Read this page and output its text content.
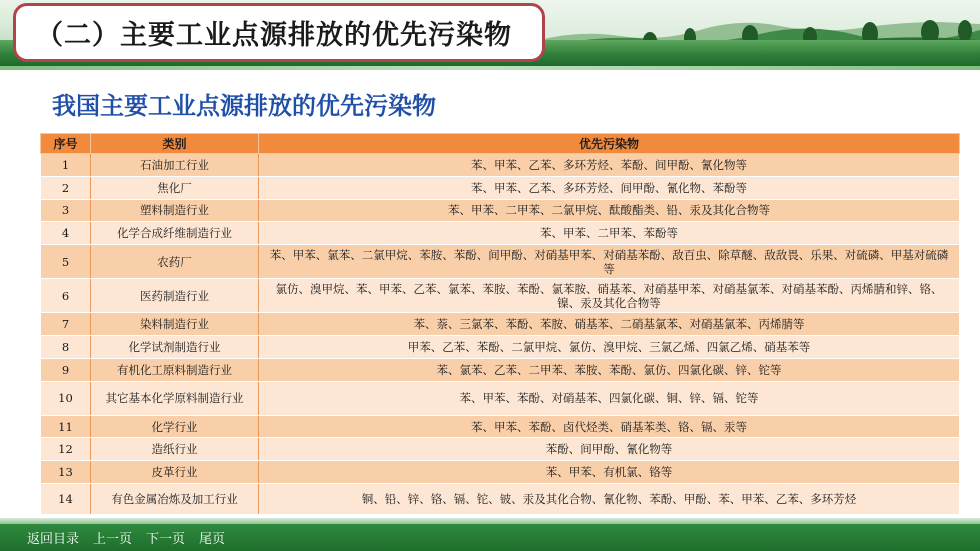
（二）主要工业点源排放的优先污染物
我国主要工业点源排放的优先污染物
序号	类别	优先污染物
1	石油加工行业	苯、甲苯、乙苯、多环芳烃、苯酚、间甲酚、氰化物等
2	焦化厂	苯、甲苯、乙苯、多环芳烃、间甲酚、氰化物、苯酚等
3	塑料制造行业	苯、甲苯、二甲苯、二氯甲烷、酞酸酯类、铅、汞及其化合物等
4	化学合成纤维制造行业	苯、甲苯、二甲苯、苯酚等
5	农药厂	苯、甲苯、氯苯、二氯甲烷、苯胺、苯酚、间甲酚、对硝基甲苯、对硝基苯酚、敌百虫、除草醚、敌敌畏、乐果、对硫磷、甲基对硫磷等
6	医药制造行业	氯仿、溴甲烷、苯、甲苯、乙苯、氯苯、苯胺、苯酚、氯苯胺、硝基苯、对硝基甲苯、对硝基氯苯、对硝基苯酚、丙烯腈和锌、铬、镍、汞及其化合物等
7	染料制造行业	苯、萘、三氯苯、苯酚、苯胺、硝基苯、二硝基氯苯、对硝基氯苯、丙烯腈等
8	化学试剂制造行业	甲苯、乙苯、苯酚、二氯甲烷、氯仿、溴甲烷、三氯乙烯、四氯乙烯、硝基苯等
9	有机化工原料制造行业	苯、氯苯、乙苯、二甲苯、苯胺、苯酚、氯仿、四氯化碳、锌、铊等
10	其它基本化学原料制造行业	苯、甲苯、苯酚、对硝基苯、四氯化碳、铜、锌、镉、铊等
11	化学行业	苯、甲苯、苯酚、卤代烃类、硝基苯类、铬、镉、汞等
12	造纸行业	苯酚、间甲酚、氰化物等
13	皮革行业	苯、甲苯、有机氯、铬等
14	有色金属冶炼及加工行业	铜、铅、锌、铬、镉、铊、铍、汞及其化合物、氰化物、苯酚、甲酚、苯、甲苯、乙苯、多环芳烃
返回目录 上一页 下一页 尾页
